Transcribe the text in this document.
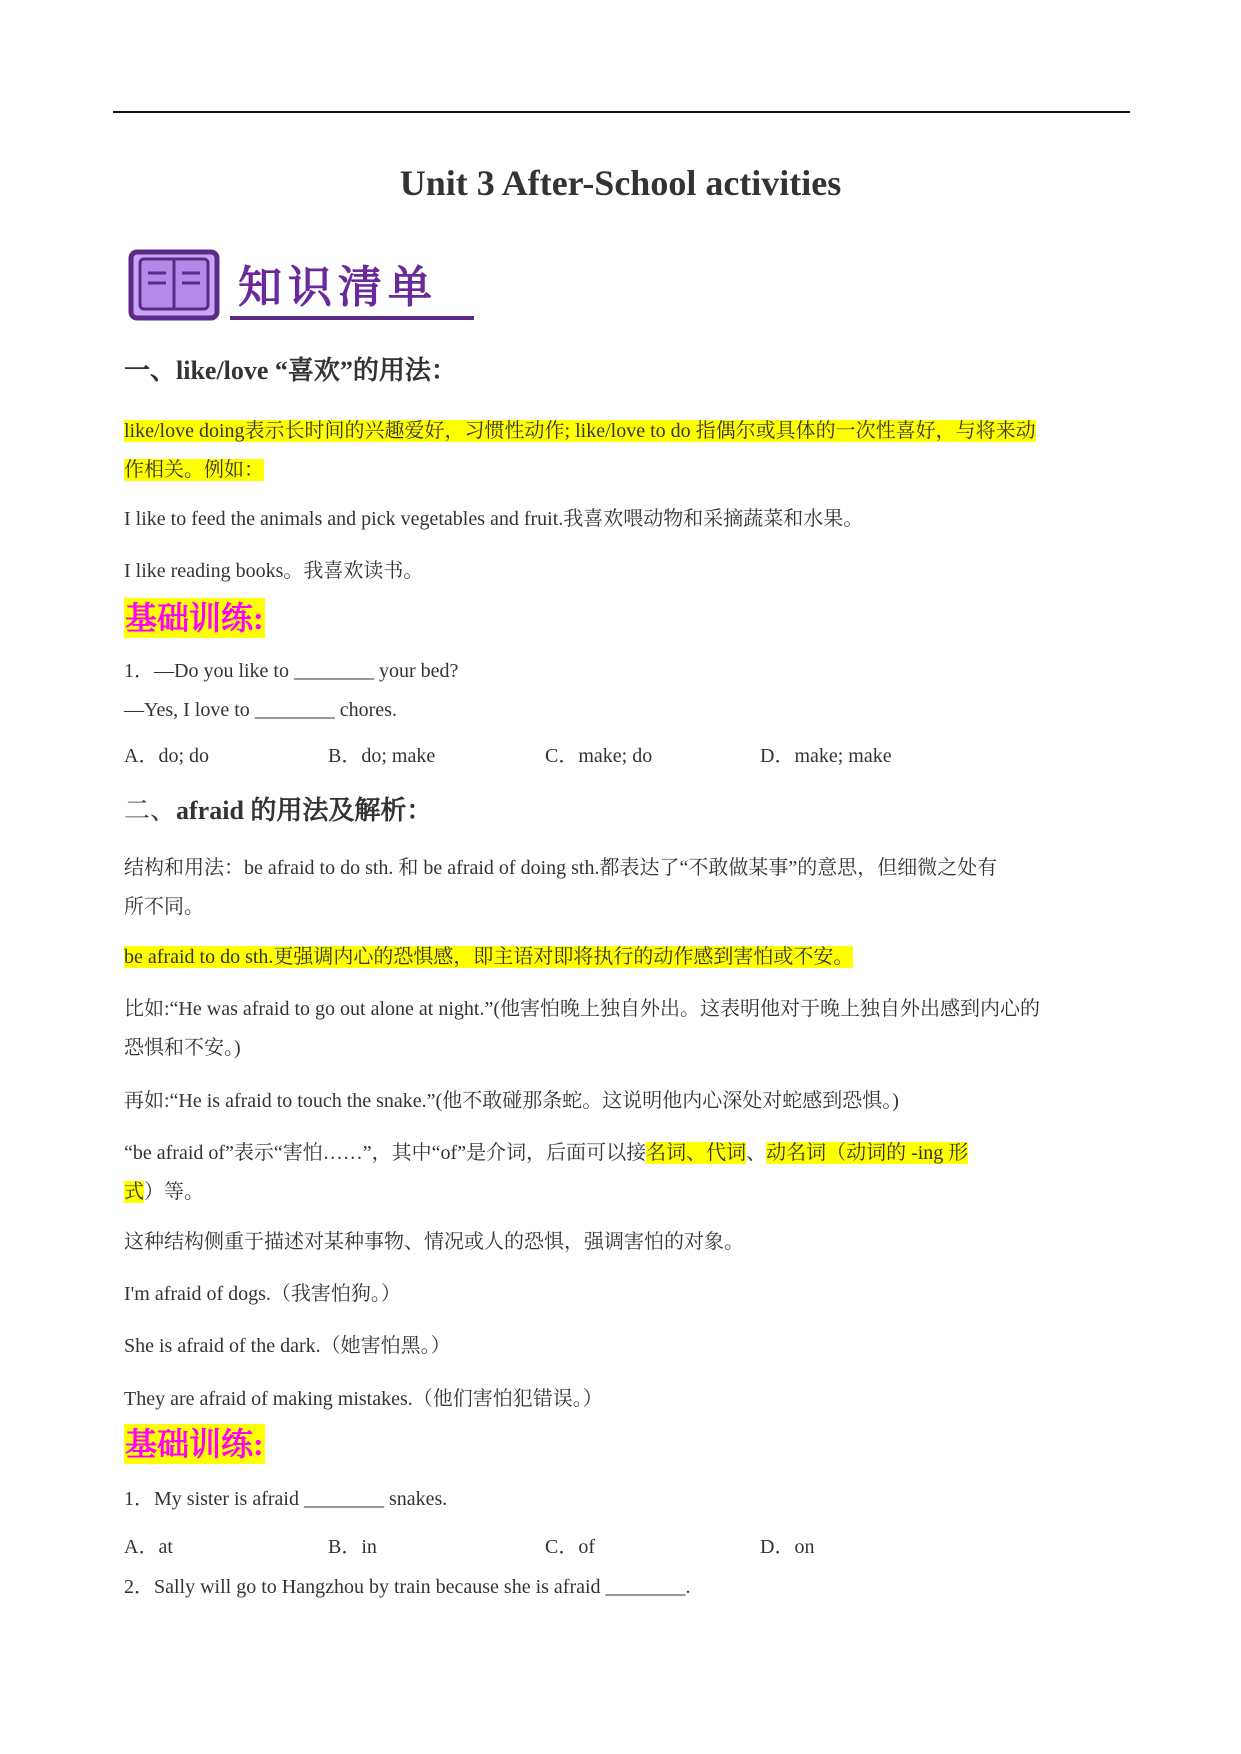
Unit 3 After-School activities
知识清单
一、like/love “喜欢”的用法：
like/love doing表示长时间的兴趣爱好，习惯性动作; like/love to do 指偶尔或具体的一次性喜好，与将来动
作相关。例如：
I like to feed the animals and pick vegetables and fruit.我喜欢喂动物和采摘蔬菜和水果。
I like reading books。我喜欢读书。
基础训练:
1．—Do you like to ________ your bed?
—Yes, I love to ________ chores.
A．do; do	B．do; make	C．make; do	D．make; make
二、afraid 的用法及解析：
结构和用法：be afraid to do sth. 和 be afraid of doing sth.都表达了“不敢做某事”的意思，但细微之处有
所不同。
be afraid to do sth.更强调内心的恐惧感，即主语对即将执行的动作感到害怕或不安。
比如:“He was afraid to go out alone at night.”(他害怕晚上独自外出。这表明他对于晚上独自外出感到内心的
恐惧和不安。)
再如:“He is afraid to touch the snake.”(他不敢碰那条蛇。这说明他内心深处对蛇感到恐惧。)
“be afraid of”表示“害怕……”，其中“of”是介词，后面可以接名词、代词、动名词（动词的 -ing 形
式）等。
这种结构侧重于描述对某种事物、情况或人的恐惧，强调害怕的对象。
I'm afraid of dogs.（我害怕狗。）
She is afraid of the dark.（她害怕黑。）
They are afraid of making mistakes.（他们害怕犯错误。）
基础训练:
1．My sister is afraid ________ snakes.
A．at	B．in	C．of	D．on
2．Sally will go to Hangzhou by train because she is afraid ________.
